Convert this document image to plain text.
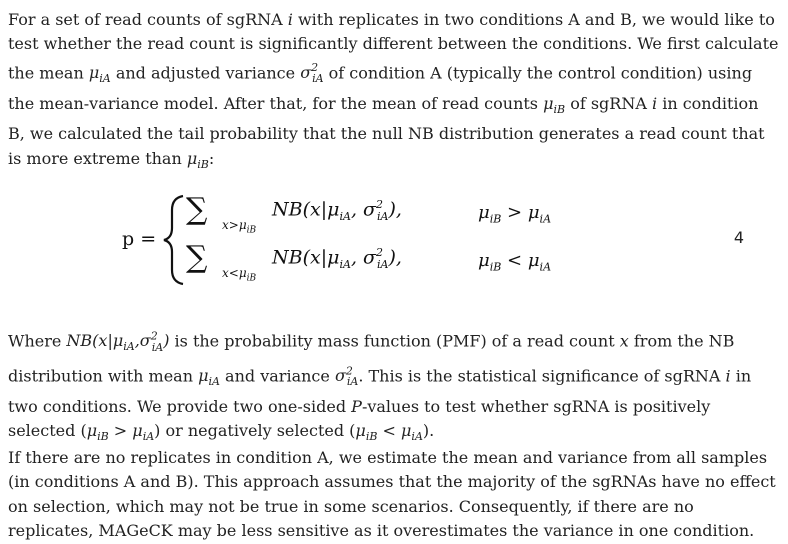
For a set of read counts of sgRNA i with replicates in two conditions A and B, we would like to test whether the read count is significantly different between the conditions. We first calculate the mean $\mu_{iA}$ and adjusted variance $\sigma^2_{iA}$ of condition A (typically the control condition) using the mean-variance model. After that, for the mean of read counts $\mu_{iB}$ of sgRNA i in condition B, we calculated the tail probability that the null NB distribution generates a read count that is more extreme than $\mu_{iB}$:

p =
∑ $x>\mu_{iB}$
$NB(x|\mu_{iA}$, $\sigma^2_{iA}$),	$\mu_{iB} > \mu_{iA}$
∑ $x<\mu_{iB}$
$NB(x|\mu_{iA}$, $\sigma^2_{iA}$),	$\mu_{iB} < \mu_{iA}$
4

Where $NB(x|\mu_{iA},\sigma^2_{iA})$ is the probability mass function (PMF) of a read count x from the NB distribution with mean $\mu_{iA}$ and variance $\sigma^2_{iA}$. This is the statistical significance of sgRNA i in two conditions. We provide two one-sided P-values to test whether sgRNA is positively selected $(\mu_{iB} > \mu_{iA})$ or negatively selected $(\mu_{iB} < \mu_{iA})$.

If there are no replicates in condition A, we estimate the mean and variance from all samples (in conditions A and B). This approach assumes that the majority of the sgRNAs have no effect on selection, which may not be true in some scenarios. Consequently, if there are no replicates, MAGeCK may be less sensitive as it overestimates the variance in one condition.
